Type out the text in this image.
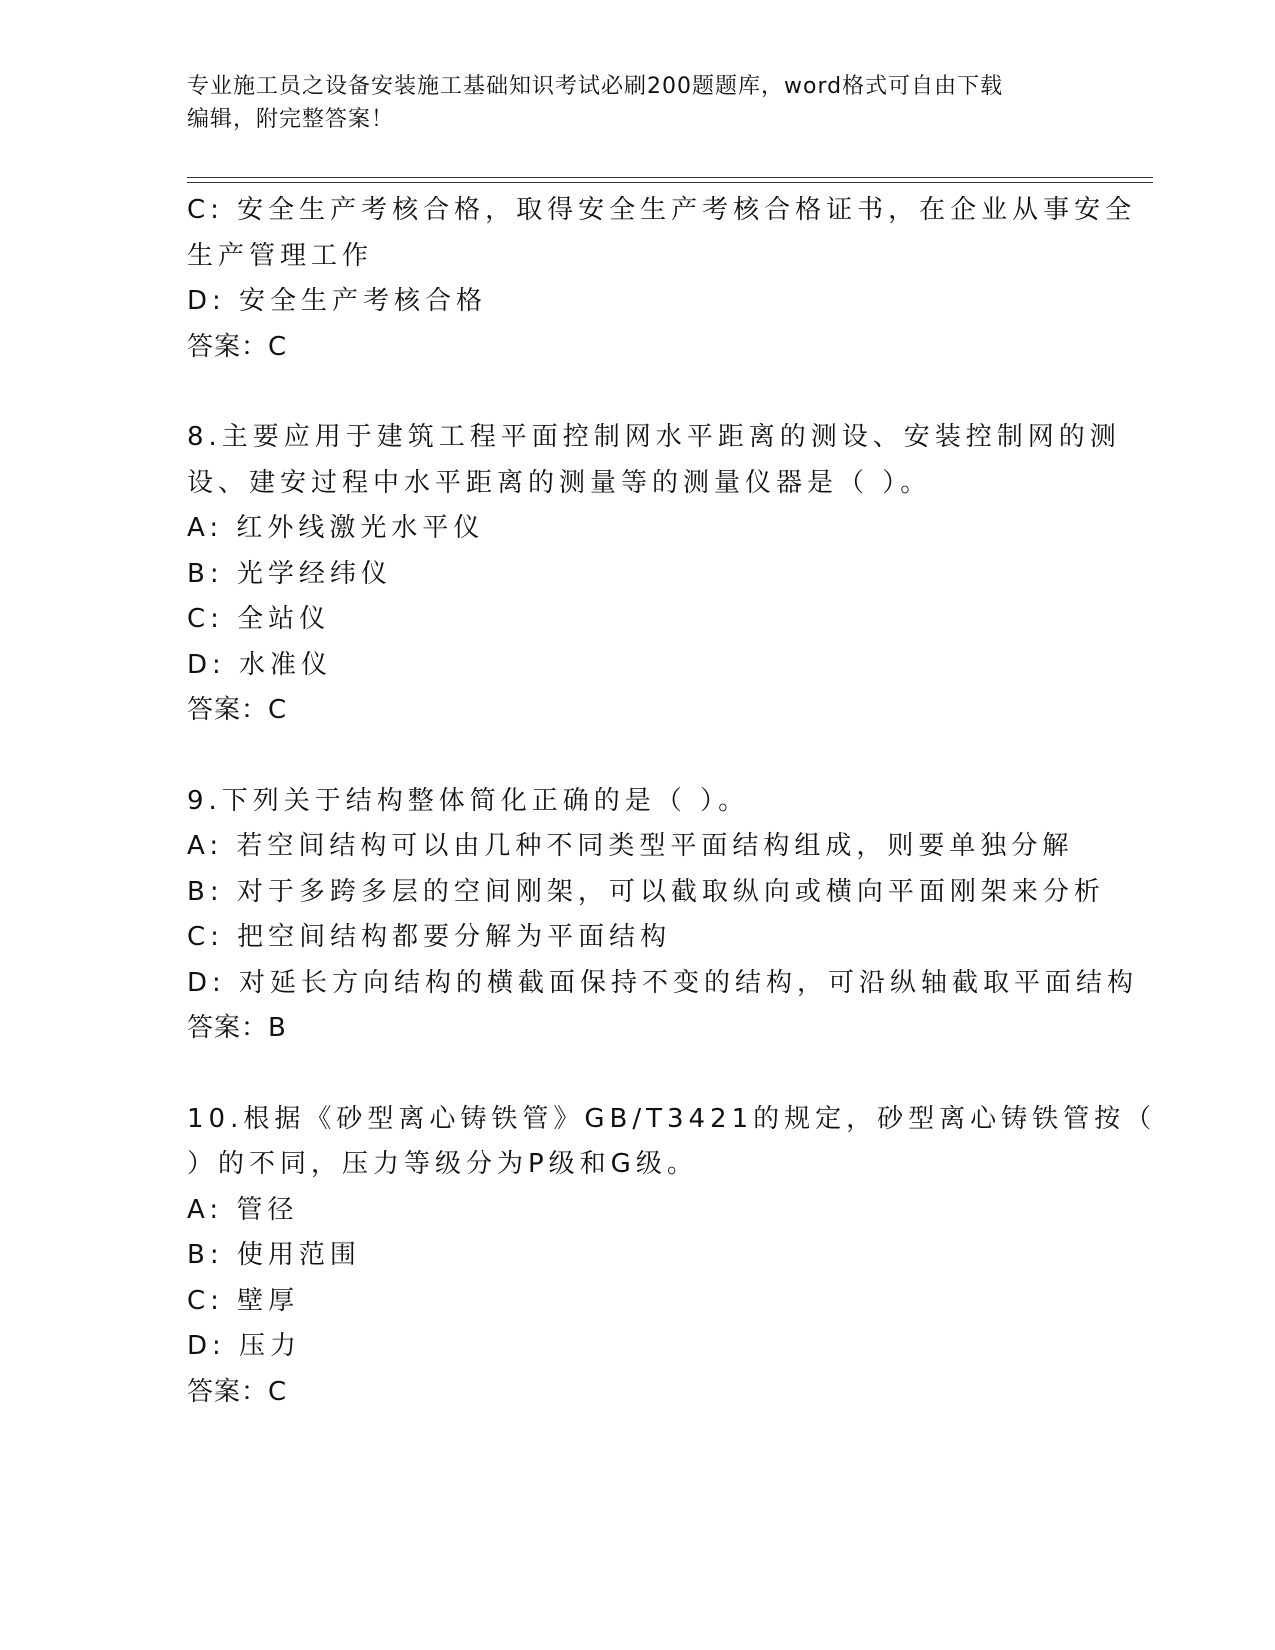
专业施工员之设备安装施工基础知识考试必刷200题题库，word格式可自由下载
编辑，附完整答案！
C: 安全生产考核合格，取得安全生产考核合格证书，在企业从事安全
生产管理工作
D: 安全生产考核合格
答案：C
8.主要应用于建筑工程平面控制网水平距离的测设、安装控制网的测
设、建安过程中水平距离的测量等的测量仪器是（ ）。
A: 红外线激光水平仪
B: 光学经纬仪
C: 全站仪
D: 水准仪
答案：C
9.下列关于结构整体简化正确的是（ ）。
A: 若空间结构可以由几种不同类型平面结构组成，则要单独分解
B: 对于多跨多层的空间刚架，可以截取纵向或横向平面刚架来分析
C: 把空间结构都要分解为平面结构
D: 对延长方向结构的横截面保持不变的结构，可沿纵轴截取平面结构
答案：B
10.根据《砂型离心铸铁管》GB/T3421的规定，砂型离心铸铁管按（
）的不同，压力等级分为P级和G级。
A: 管径
B: 使用范围
C: 壁厚
D: 压力
答案：C
